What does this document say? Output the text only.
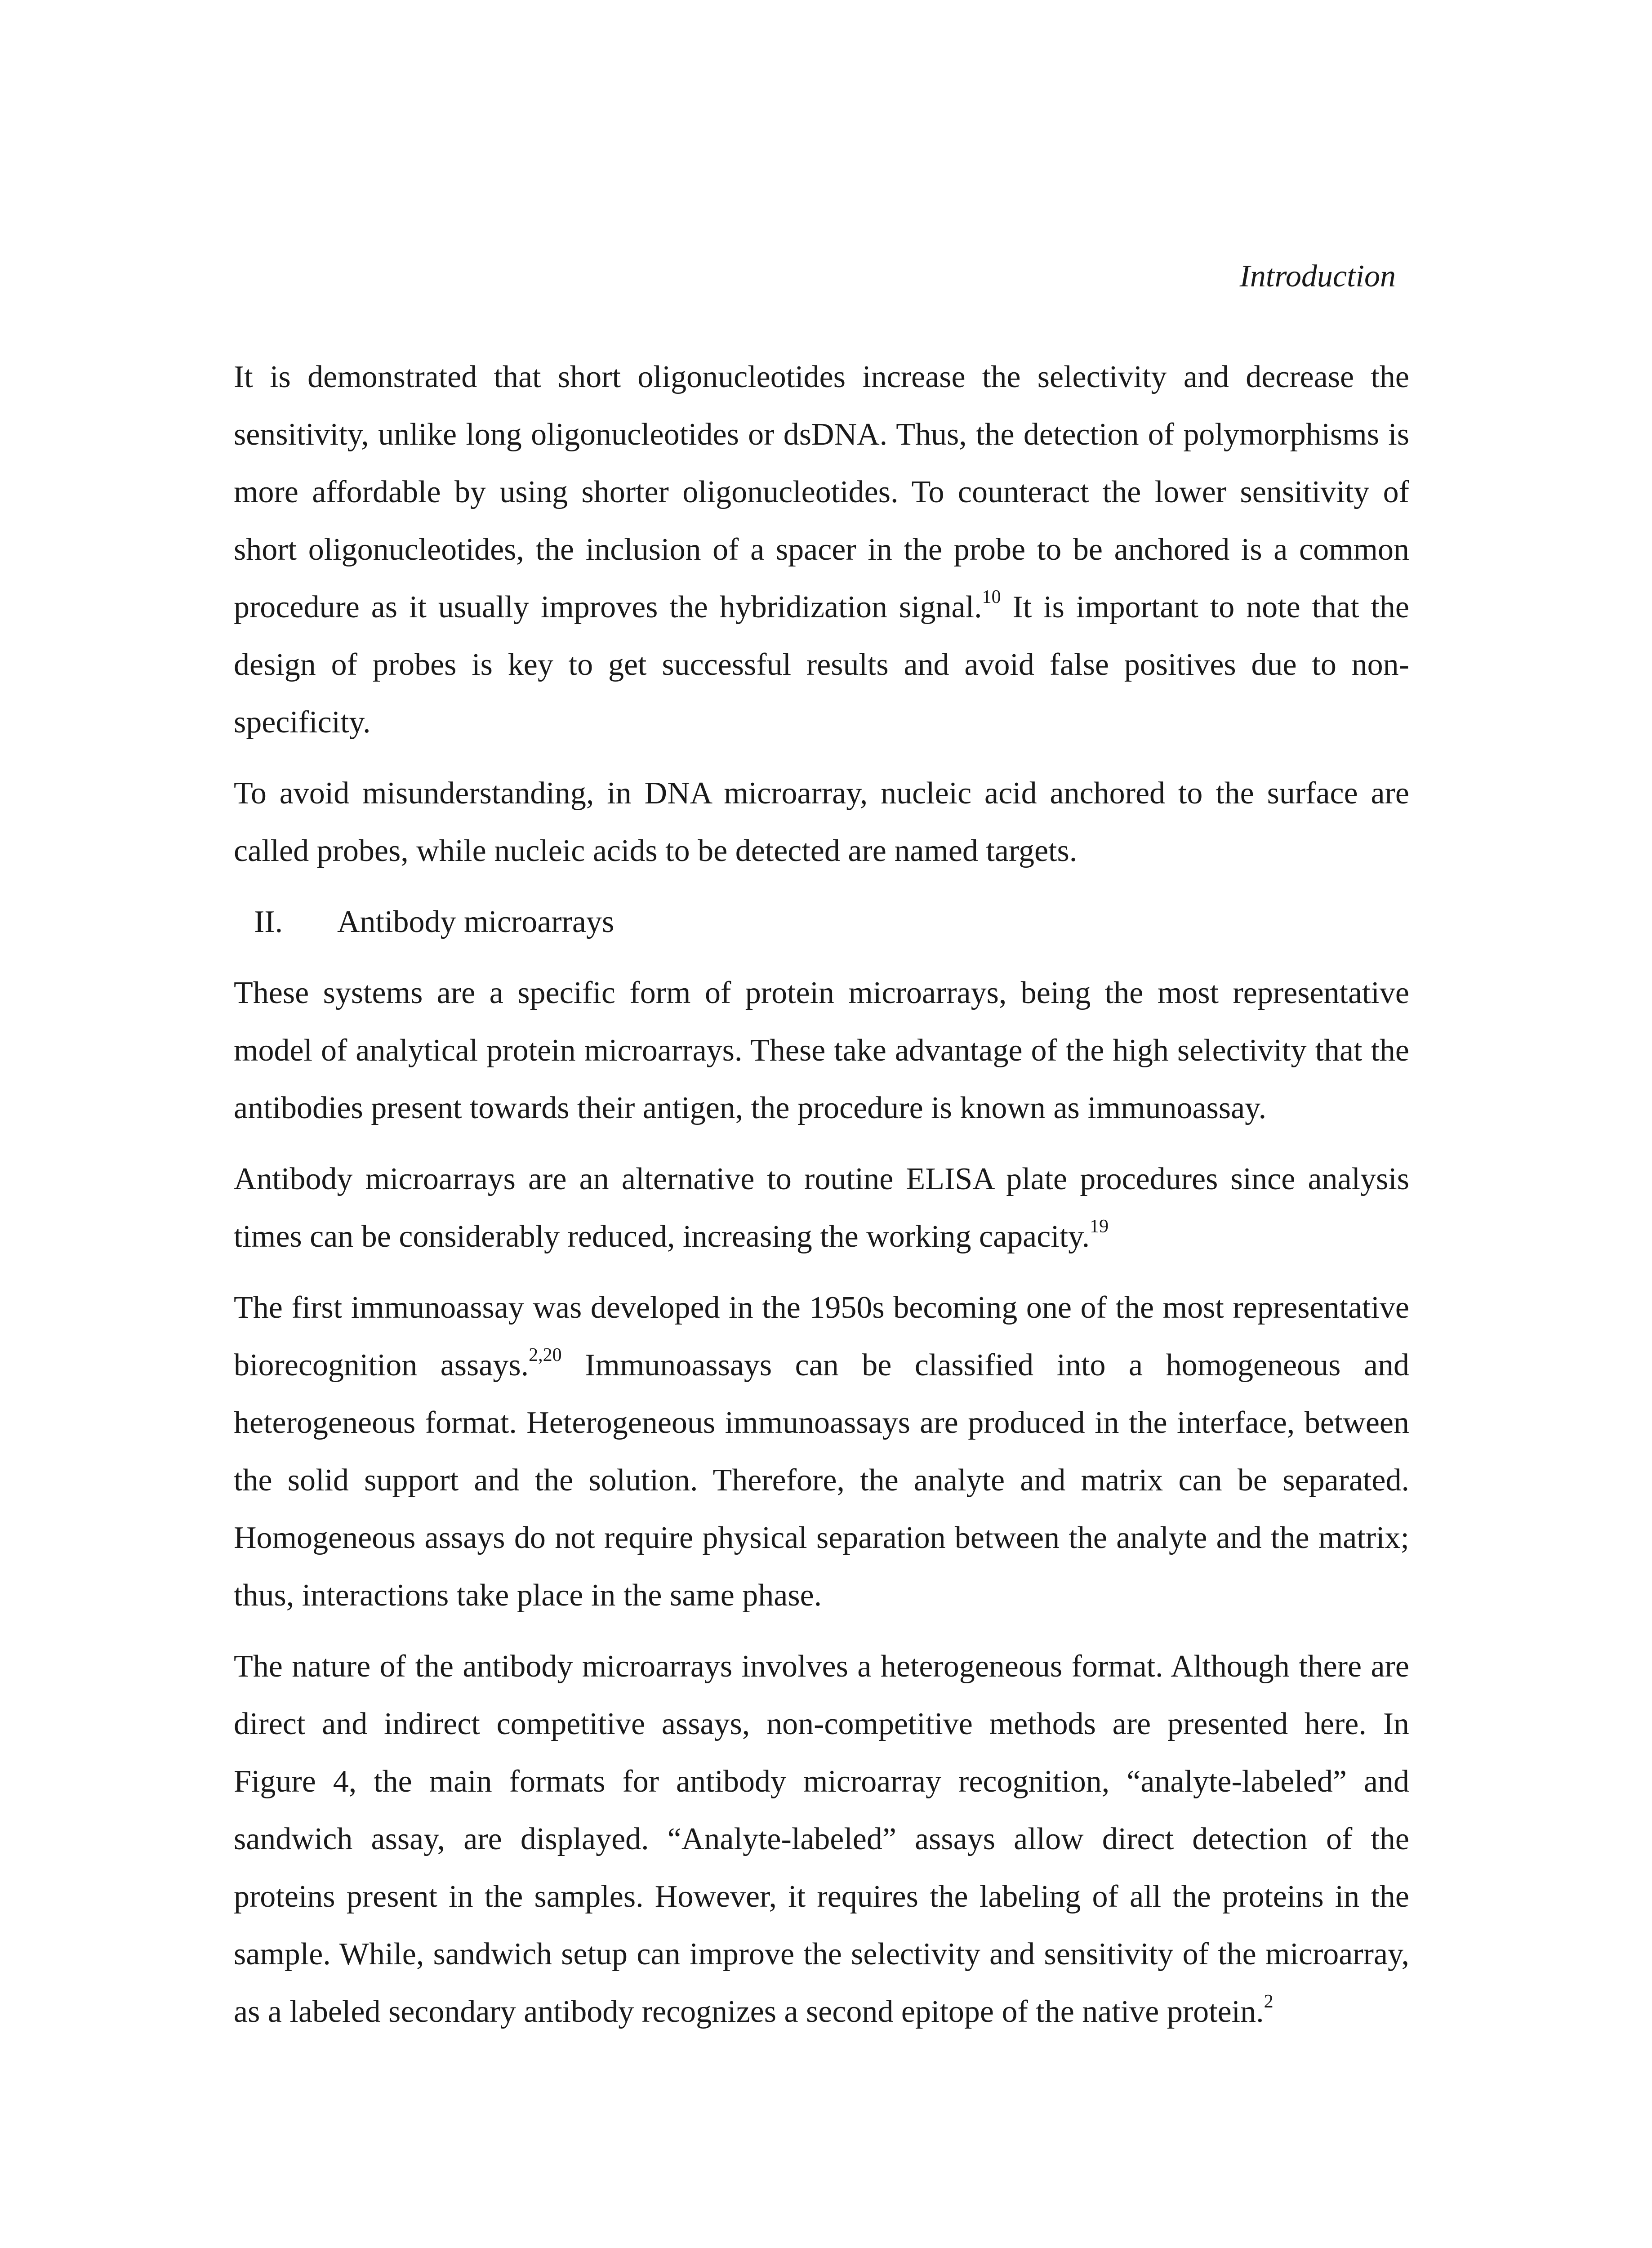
Introduction

It is demonstrated that short oligonucleotides increase the selectivity and decrease the sensitivity, unlike long oligonucleotides or dsDNA. Thus, the detection of polymorphisms is more affordable by using shorter oligonucleotides. To counteract the lower sensitivity of short oligonucleotides, the inclusion of a spacer in the probe to be anchored is a common procedure as it usually improves the hybridization signal.$^{10}$ It is important to note that the design of probes is key to get successful results and avoid false positives due to non-specificity.

To avoid misunderstanding, in DNA microarray, nucleic acid anchored to the surface are called probes, while nucleic acids to be detected are named targets.

II.	Antibody microarrays

These systems are a specific form of protein microarrays, being the most representative model of analytical protein microarrays. These take advantage of the high selectivity that the antibodies present towards their antigen, the procedure is known as immunoassay.

Antibody microarrays are an alternative to routine ELISA plate procedures since analysis times can be considerably reduced, increasing the working capacity.$^{19}$

The first immunoassay was developed in the 1950s becoming one of the most representative biorecognition assays.$^{2,20}$ Immunoassays can be classified into a homogeneous and heterogeneous format. Heterogeneous immunoassays are produced in the interface, between the solid support and the solution. Therefore, the analyte and matrix can be separated. Homogeneous assays do not require physical separation between the analyte and the matrix; thus, interactions take place in the same phase.

The nature of the antibody microarrays involves a heterogeneous format. Although there are direct and indirect competitive assays, non-competitive methods are presented here. In Figure 4, the main formats for antibody microarray recognition, “analyte-labeled” and sandwich assay, are displayed. “Analyte-labeled” assays allow direct detection of the proteins present in the samples. However, it requires the labeling of all the proteins in the sample. While, sandwich setup can improve the selectivity and sensitivity of the microarray, as a labeled secondary antibody recognizes a second epitope of the native protein.$^2$
